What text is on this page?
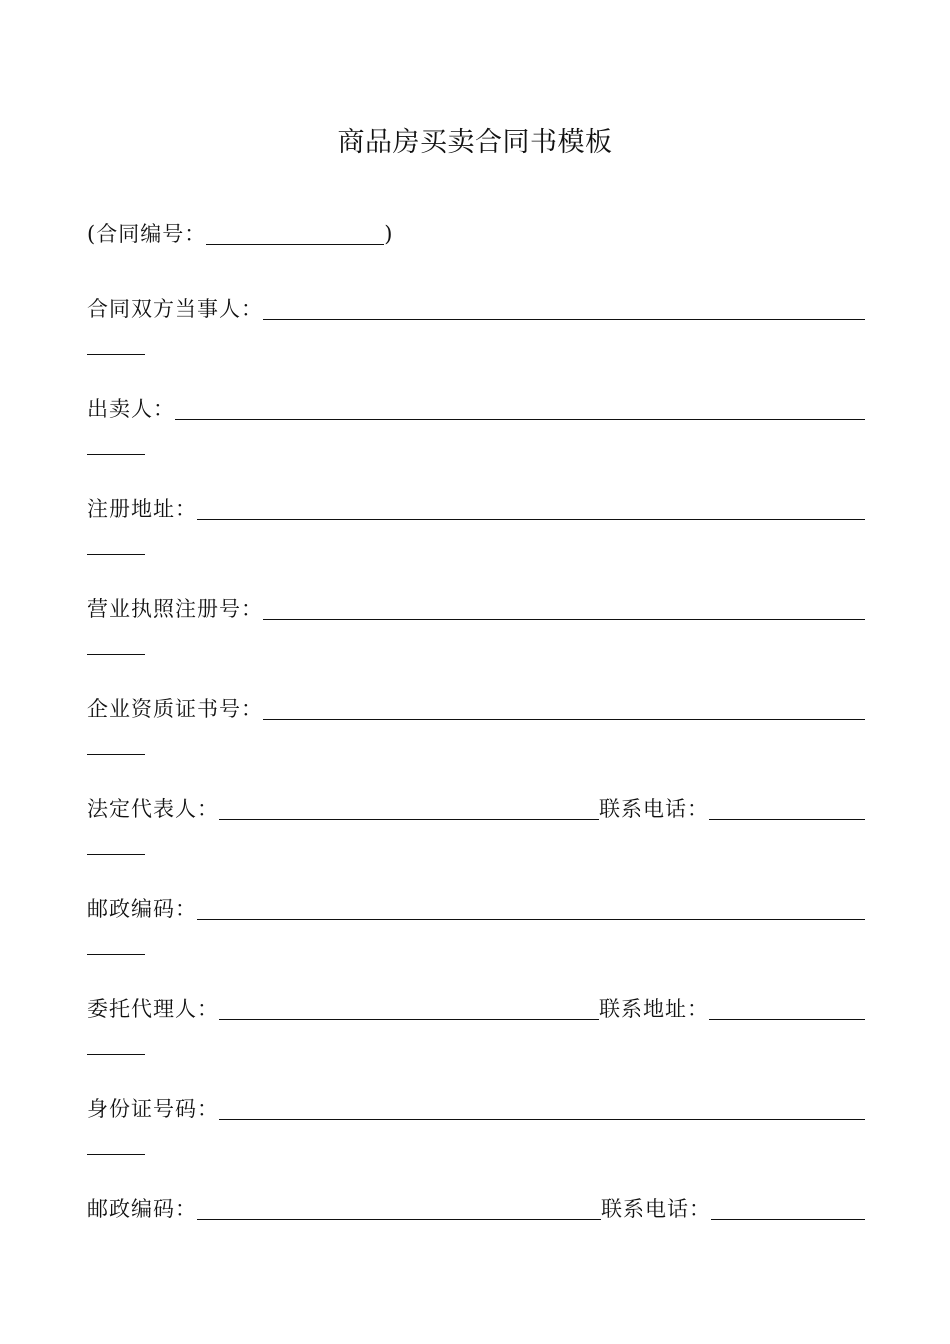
商品房买卖合同书模板
(合同编号：	)
合同双方当事人：
出卖人：
注册地址：
营业执照注册号：
企业资质证书号：
法定代表人：	联系电话：
邮政编码：
委托代理人：	联系地址：
身份证号码：
邮政编码：	联系电话：
